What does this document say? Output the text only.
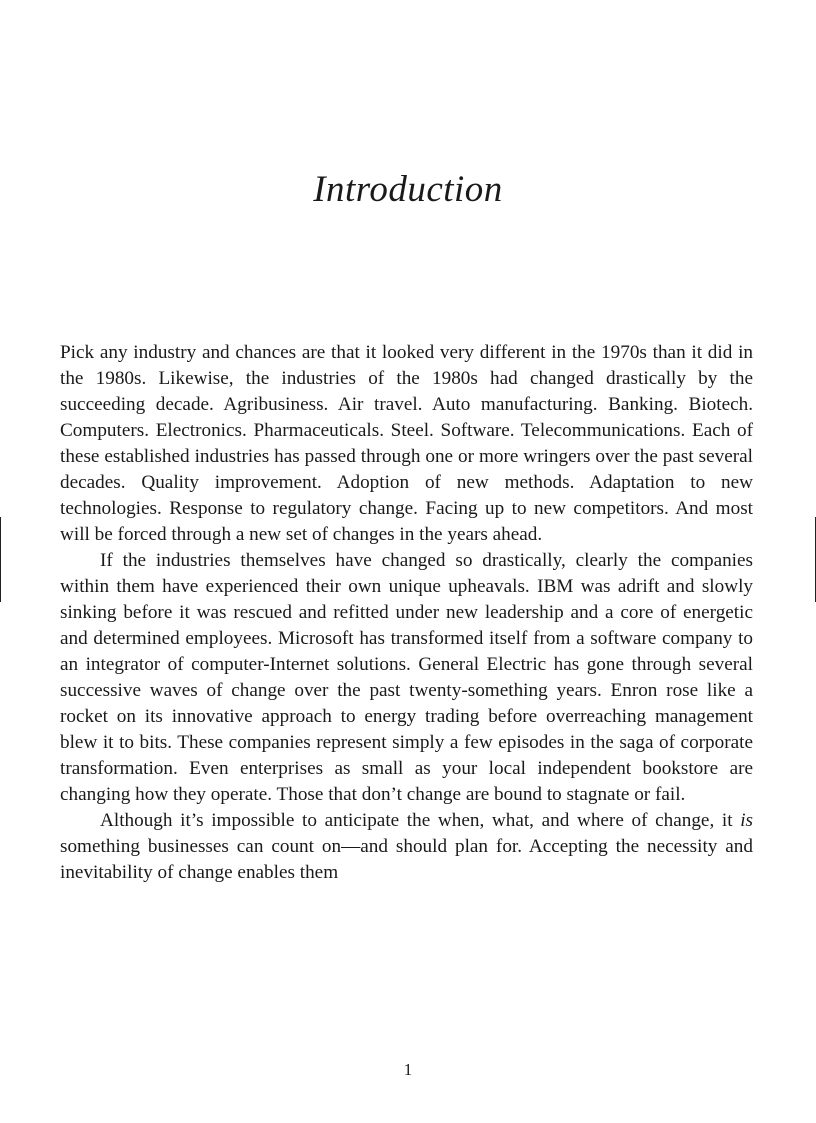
Introduction

Pick any industry and chances are that it looked very different in the 1970s than it did in the 1980s. Likewise, the industries of the 1980s had changed drastically by the succeeding decade. Agribusiness. Air travel. Auto manufacturing. Banking. Biotech. Computers. Electronics. Pharmaceuticals. Steel. Software. Telecommunications. Each of these established industries has passed through one or more wringers over the past several decades. Quality improvement. Adoption of new methods. Adaptation to new technologies. Response to regulatory change. Facing up to new competitors. And most will be forced through a new set of changes in the years ahead.

If the industries themselves have changed so drastically, clearly the companies within them have experienced their own unique upheavals. IBM was adrift and slowly sinking before it was rescued and refitted under new leadership and a core of energetic and determined employees. Microsoft has transformed itself from a software company to an integrator of computer-Internet solutions. General Electric has gone through several successive waves of change over the past twenty-something years. Enron rose like a rocket on its innovative approach to energy trading before overreaching management blew it to bits. These companies represent simply a few episodes in the saga of corporate transformation. Even enterprises as small as your local independent bookstore are changing how they operate. Those that don’t change are bound to stagnate or fail.

Although it’s impossible to anticipate the when, what, and where of change, it is something businesses can count on—and should plan for. Accepting the necessity and inevitability of change enables them

1
